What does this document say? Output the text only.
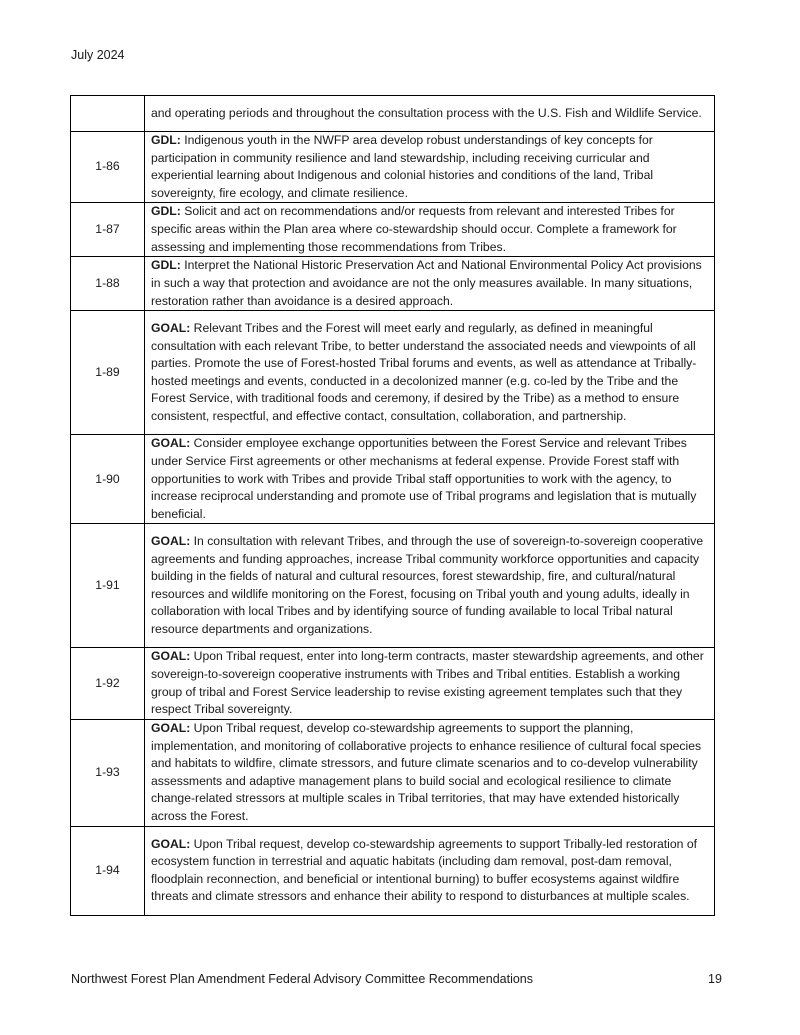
July 2024
	and operating periods and throughout the consultation process with the U.S. Fish and Wildlife Service.
1-86	GDL: Indigenous youth in the NWFP area develop robust understandings of key concepts for participation in community resilience and land stewardship, including receiving curricular and experiential learning about Indigenous and colonial histories and conditions of the land, Tribal sovereignty, fire ecology, and climate resilience.
1-87	GDL: Solicit and act on recommendations and/or requests from relevant and interested Tribes for specific areas within the Plan area where co-stewardship should occur. Complete a framework for assessing and implementing those recommendations from Tribes.
1-88	GDL: Interpret the National Historic Preservation Act and National Environmental Policy Act provisions in such a way that protection and avoidance are not the only measures available. In many situations, restoration rather than avoidance is a desired approach.
1-89	GOAL: Relevant Tribes and the Forest will meet early and regularly, as defined in meaningful consultation with each relevant Tribe, to better understand the associated needs and viewpoints of all parties. Promote the use of Forest-hosted Tribal forums and events, as well as attendance at Tribally-hosted meetings and events, conducted in a decolonized manner (e.g. co-led by the Tribe and the Forest Service, with traditional foods and ceremony, if desired by the Tribe) as a method to ensure consistent, respectful, and effective contact, consultation, collaboration, and partnership.
1-90	GOAL: Consider employee exchange opportunities between the Forest Service and relevant Tribes under Service First agreements or other mechanisms at federal expense. Provide Forest staff with opportunities to work with Tribes and provide Tribal staff opportunities to work with the agency, to increase reciprocal understanding and promote use of Tribal programs and legislation that is mutually beneficial.
1-91	GOAL: In consultation with relevant Tribes, and through the use of sovereign-to-sovereign cooperative agreements and funding approaches, increase Tribal community workforce opportunities and capacity building in the fields of natural and cultural resources, forest stewardship, fire, and cultural/natural resources and wildlife monitoring on the Forest, focusing on Tribal youth and young adults, ideally in collaboration with local Tribes and by identifying source of funding available to local Tribal natural resource departments and organizations.
1-92	GOAL: Upon Tribal request, enter into long-term contracts, master stewardship agreements, and other sovereign-to-sovereign cooperative instruments with Tribes and Tribal entities. Establish a working group of tribal and Forest Service leadership to revise existing agreement templates such that they respect Tribal sovereignty.
1-93	GOAL: Upon Tribal request, develop co-stewardship agreements to support the planning, implementation, and monitoring of collaborative projects to enhance resilience of cultural focal species and habitats to wildfire, climate stressors, and future climate scenarios and to co-develop vulnerability assessments and adaptive management plans to build social and ecological resilience to climate change-related stressors at multiple scales in Tribal territories, that may have extended historically across the Forest.
1-94	GOAL: Upon Tribal request, develop co-stewardship agreements to support Tribally-led restoration of ecosystem function in terrestrial and aquatic habitats (including dam removal, post-dam removal, floodplain reconnection, and beneficial or intentional burning) to buffer ecosystems against wildfire threats and climate stressors and enhance their ability to respond to disturbances at multiple scales.
Northwest Forest Plan Amendment Federal Advisory Committee Recommendations	19
